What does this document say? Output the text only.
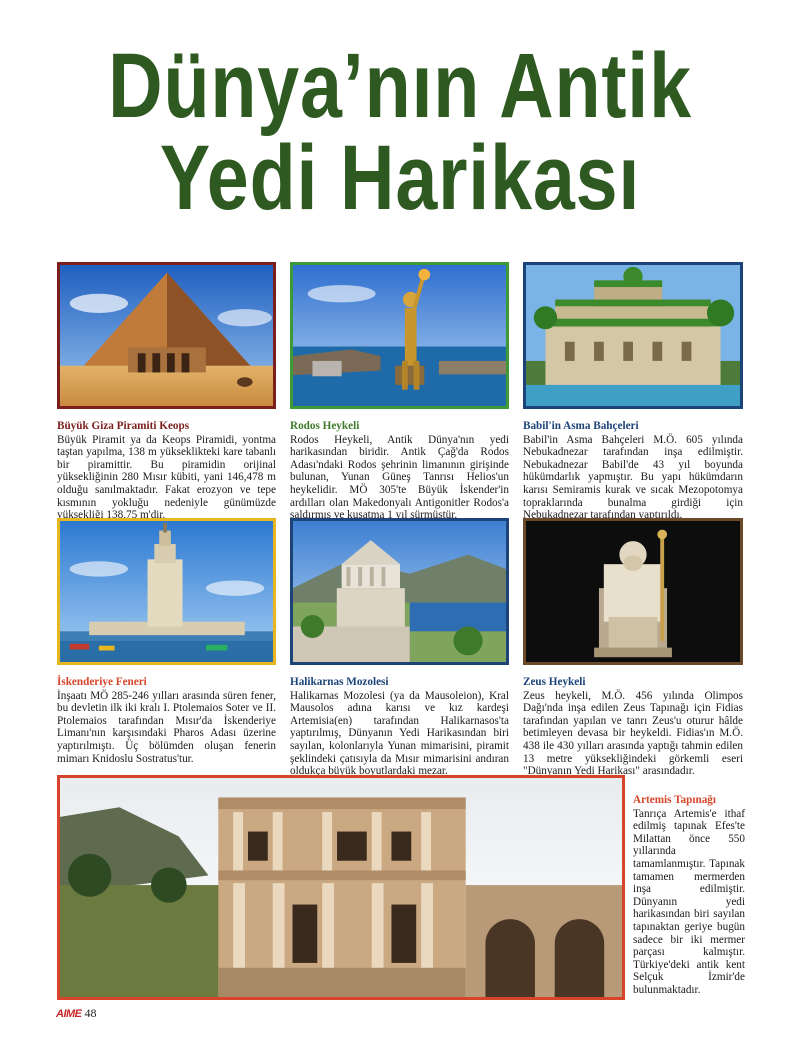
Dünya’nın Antik
Yedi Harikası
Büyük Giza Piramiti Keops

Büyük Piramit ya da Keops Piramidi, yontma taştan yapılma, 138 m yükseklikteki kare tabanlı bir piramittir. Bu piramidin orijinal yüksekliğinin 280 Mısır kübiti, yani 146,478 m olduğu sanılmaktadır. Fakat erozyon ve tepe kısmının yokluğu nedeniyle günümüzde yüksekliği 138,75 m'dir.

Rodos Heykeli

Rodos Heykeli, Antik Dünya'nın yedi harikasından biridir. Antik Çağ'da Rodos Adası'ndaki Rodos şehrinin limanının girişinde bulunan, Yunan Güneş Tanrısı Helios'un heykelidir. MÖ 305'te Büyük İskender'in ardılları olan Makedonyalı Antigonitler Rodos'a saldırmış ve kuşatma 1 yıl sürmüştür.

Babil'in Asma Bahçeleri

Babil'in Asma Bahçeleri M.Ö. 605 yılında Nebukadnezar tarafından inşa edilmiştir. Nebukadnezar Babil'de 43 yıl boyunda hükümdarlık yapmıştır. Bu yapı hükümdarın karısı Semiramis kurak ve sıcak Mezopotomya topraklarında bunalma girdiği için Nebukadnezar tarafından yaptırıldı.

İskenderiye Feneri

İnşaatı MÖ 285-246 yılları arasında süren fener, bu devletin ilk iki kralı I. Ptolemaios Soter ve II. Ptolemaios tarafından Mısır'da İskenderiye Limanı'nın karşısındaki Pharos Adası üzerine yaptırılmıştı. Üç bölümden oluşan fenerin mimarı Knidoslu Sostratus'tur.

Halikarnas Mozolesi

Halikarnas Mozolesi (ya da Mausoleion), Kral Mausolos adına karısı ve kız kardeşi Artemisia(en) tarafından Halikarnasos'ta yaptırılmış, Dünyanın Yedi Harikasından biri sayılan, kolonlarıyla Yunan mimarisini, piramit şeklindeki çatısıyla da Mısır mimarisini andıran oldukça büyük boyutlardaki mezar.

Zeus Heykeli

Zeus heykeli, M.Ö. 456 yılında Olimpos Dağı'nda inşa edilen Zeus Tapınağı için Fidias tarafından yapılan ve tanrı Zeus'u oturur hâlde betimleyen devasa bir heykeldi. Fidias'ın M.Ö. 438 ile 430 yılları arasında yaptığı tahmin edilen 13 metre yüksekliğindeki görkemli eseri "Dünyanın Yedi Harikası" arasındadır.

Artemis Tapınağı

Tanrıça Artemis'e ithaf edilmiş tapınak Efes'te Milattan önce 550 yıllarında tamamlanmıştır. Tapınak tamamen mermerden inşa edilmiştir. Dünyanın yedi harikasından biri sayılan tapınaktan geriye bugün sadece bir iki mermer parçası kalmıştır. Türkiye'deki antik kent Selçuk İzmir'de bulunmaktadır.

AIME 48
